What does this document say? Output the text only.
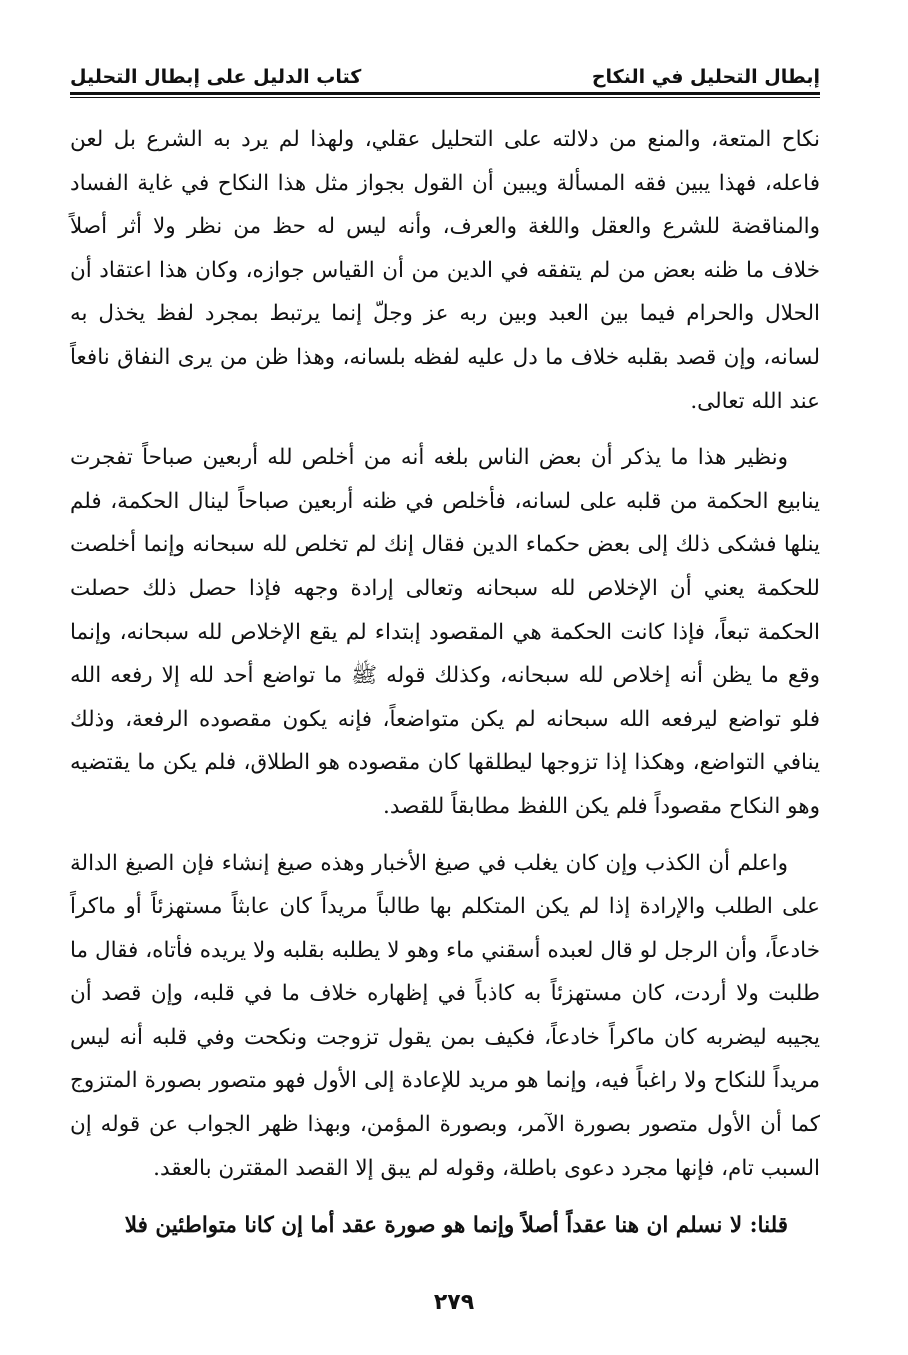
إبطال التحليل في النكاح
كتاب الدليل على إبطال التحليل

نكاح المتعة، والمنع من دلالته على التحليل عقلي، ولهذا لم يرد به الشرع بل لعن فاعله، فهذا يبين فقه المسألة ويبين أن القول بجواز مثل هذا النكاح في غاية الفساد والمناقضة للشرع والعقل واللغة والعرف، وأنه ليس له حظ من نظر ولا أثر أصلاً خلاف ما ظنه بعض من لم يتفقه في الدين من أن القياس جوازه، وكان هذا اعتقاد أن الحلال والحرام فيما بين العبد وبين ربه عز وجلّ إنما يرتبط بمجرد لفظ يخذل به لسانه، وإن قصد بقلبه خلاف ما دل عليه لفظه بلسانه، وهذا ظن من يرى النفاق نافعاً عند الله تعالى.

ونظير هذا ما يذكر أن بعض الناس بلغه أنه من أخلص لله أربعين صباحاً تفجرت ينابيع الحكمة من قلبه على لسانه، فأخلص في ظنه أربعين صباحاً لينال الحكمة، فلم ينلها فشكى ذلك إلى بعض حكماء الدين فقال إنك لم تخلص لله سبحانه وإنما أخلصت للحكمة يعني أن الإخلاص لله سبحانه وتعالى إرادة وجهه فإذا حصل ذلك حصلت الحكمة تبعاً، فإذا كانت الحكمة هي المقصود إبتداء لم يقع الإخلاص لله سبحانه، وإنما وقع ما يظن أنه إخلاص لله سبحانه، وكذلك قوله ﷺ ما تواضع أحد لله إلا رفعه الله فلو تواضع ليرفعه الله سبحانه لم يكن متواضعاً، فإنه يكون مقصوده الرفعة، وذلك ينافي التواضع، وهكذا إذا تزوجها ليطلقها كان مقصوده هو الطلاق، فلم يكن ما يقتضيه وهو النكاح مقصوداً فلم يكن اللفظ مطابقاً للقصد.

واعلم أن الكذب وإن كان يغلب في صيغ الأخبار وهذه صيغ إنشاء فإن الصيغ الدالة على الطلب والإرادة إذا لم يكن المتكلم بها طالباً مريداً كان عابثاً مستهزئاً أو ماكراً خادعاً، وأن الرجل لو قال لعبده أسقني ماء وهو لا يطلبه بقلبه ولا يريده فأتاه، فقال ما طلبت ولا أردت، كان مستهزئاً به كاذباً في إظهاره خلاف ما في قلبه، وإن قصد أن يجيبه ليضربه كان ماكراً خادعاً، فكيف بمن يقول تزوجت ونكحت وفي قلبه أنه ليس مريداً للنكاح ولا راغباً فيه، وإنما هو مريد للإعادة إلى الأول فهو متصور بصورة المتزوج كما أن الأول متصور بصورة الآمر، وبصورة المؤمن، وبهذا ظهر الجواب عن قوله إن السبب تام، فإنها مجرد دعوى باطلة، وقوله لم يبق إلا القصد المقترن بالعقد.

قلنا: لا نسلم ان هنا عقداً أصلاً وإنما هو صورة عقد أما إن كانا متواطئين فلا

٢٧٩
